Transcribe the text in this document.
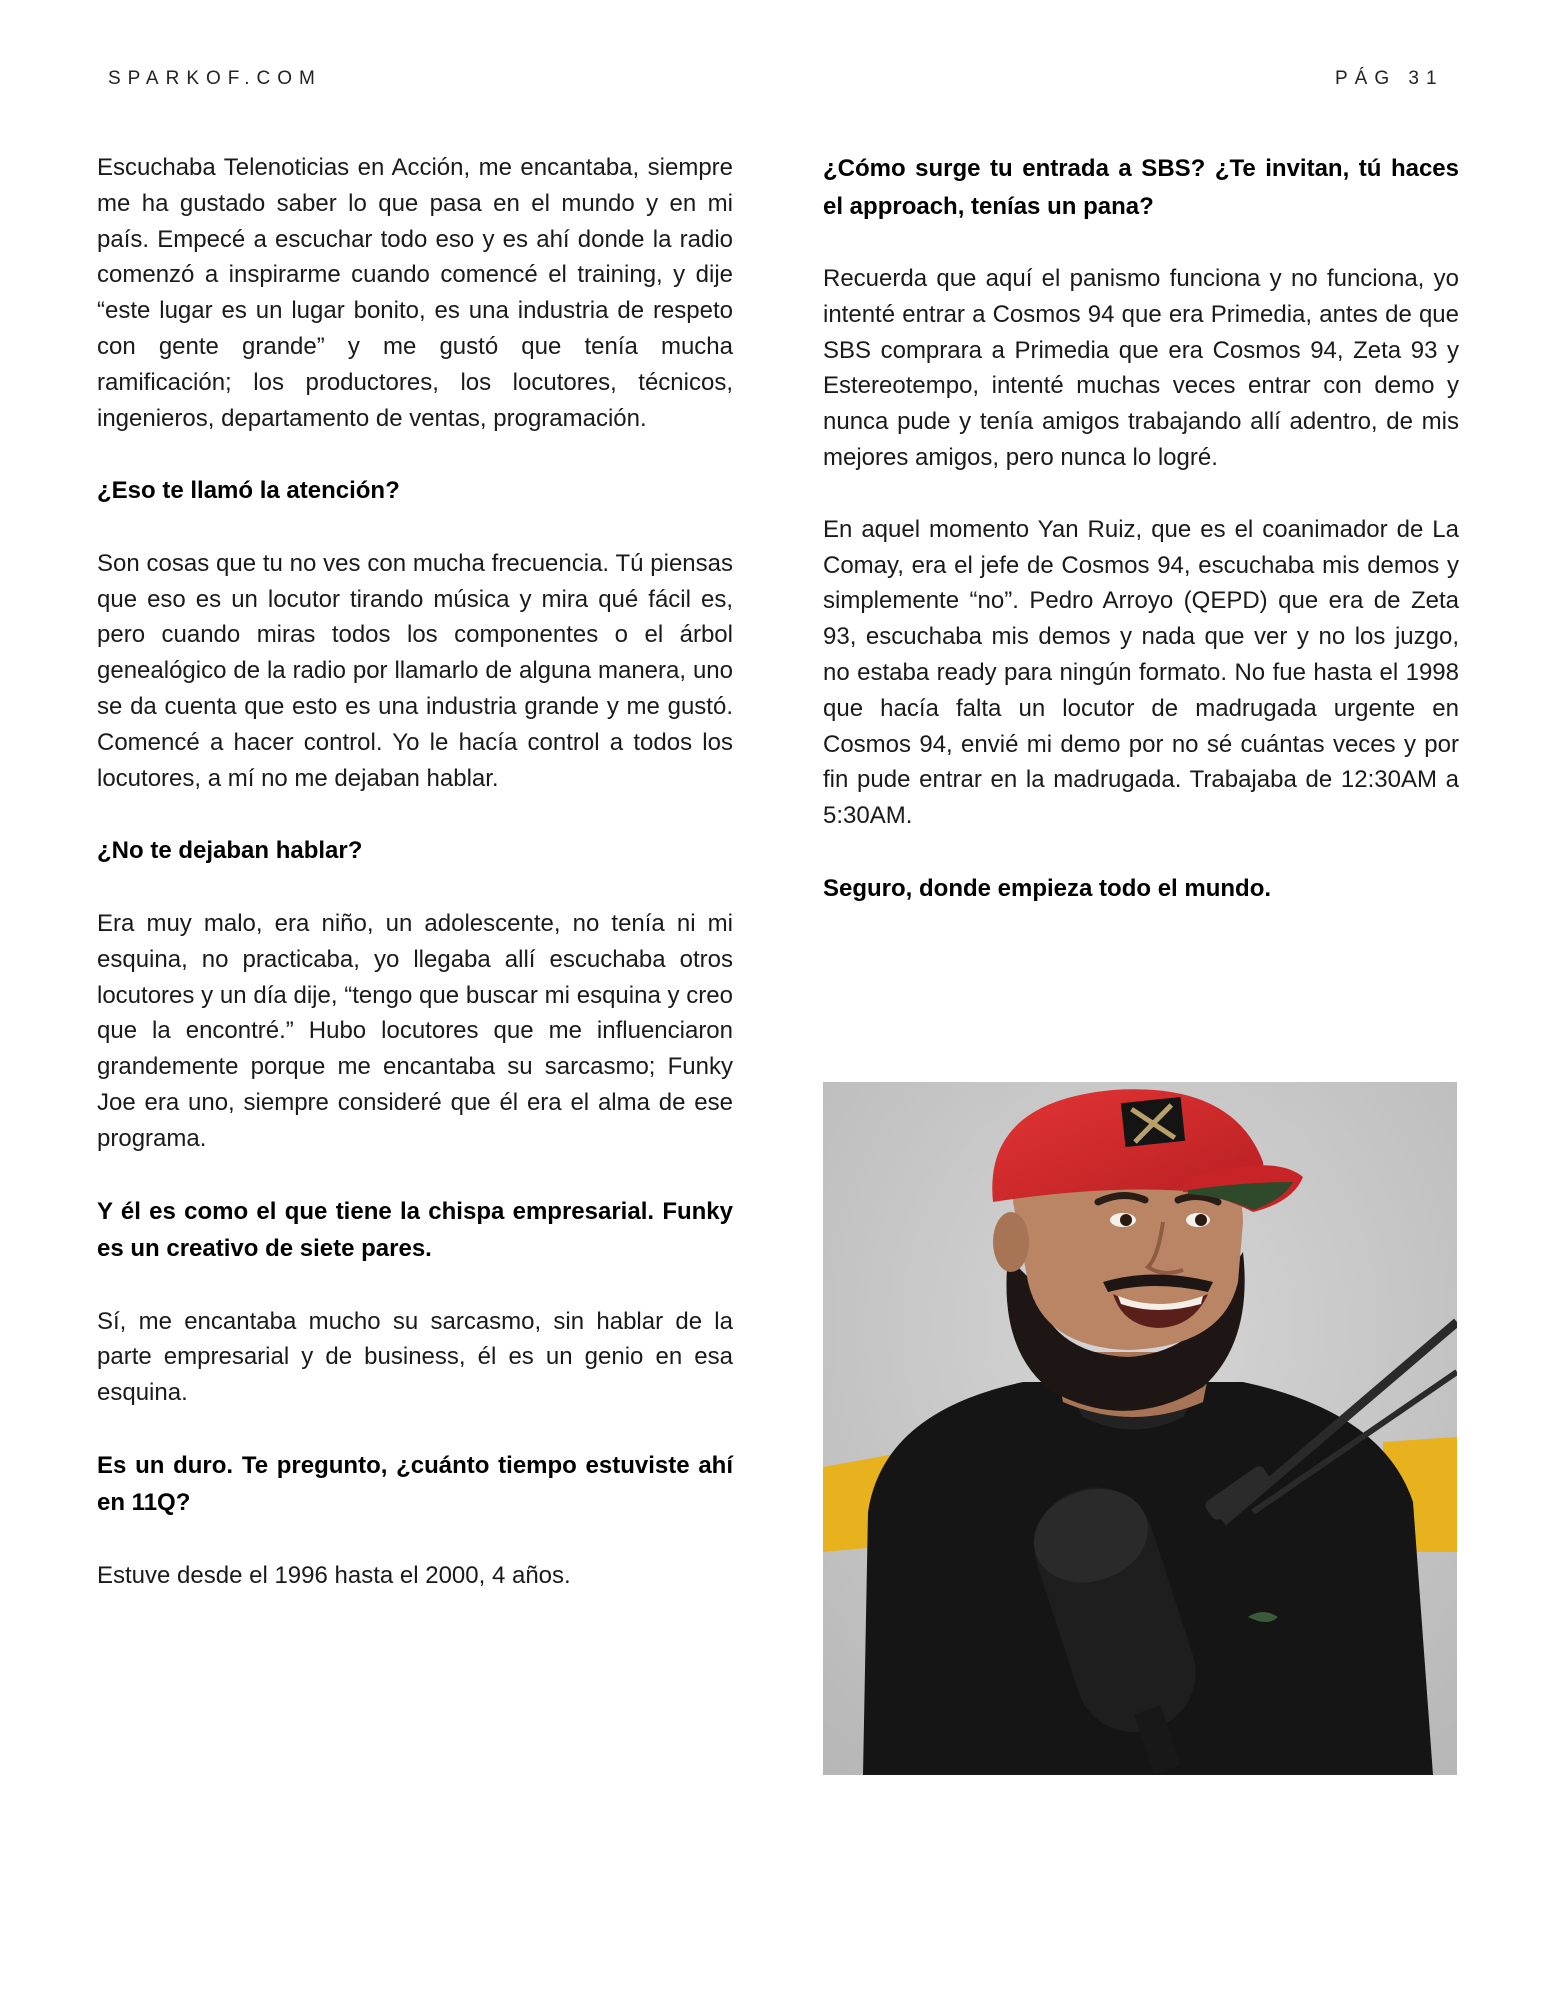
SPARKOF.COM	PÁG 31

Escuchaba Telenoticias en Acción, me encantaba, siempre me ha gustado saber lo que pasa en el mundo y en mi país. Empecé a escuchar todo eso y es ahí donde la radio comenzó a inspirarme cuando comencé el training, y dije “este lugar es un lugar bonito, es una industria de respeto con gente grande” y me gustó que tenía mucha ramificación; los productores, los locutores, técnicos, ingenieros, departamento de ventas, programación.

¿Eso te llamó la atención?

Son cosas que tu no ves con mucha frecuencia. Tú piensas que eso es un locutor tirando música y mira qué fácil es, pero cuando miras todos los componentes o el árbol genealógico de la radio por llamarlo de alguna manera, uno se da cuenta que esto es una industria grande y me gustó. Comencé a hacer control. Yo le hacía control a todos los locutores, a mí no me dejaban hablar.

¿No te dejaban hablar?

Era muy malo, era niño, un adolescente, no tenía ni mi esquina, no practicaba, yo llegaba allí escuchaba otros locutores y un día dije, “tengo que buscar mi esquina y creo que la encontré.” Hubo locutores que me influenciaron grandemente porque me encantaba su sarcasmo; Funky Joe era uno, siempre consideré que él era el alma de ese programa.

Y él es como el que tiene la chispa empresarial. Funky es un creativo de siete pares.

Sí, me encantaba mucho su sarcasmo, sin hablar de la parte empresarial y de business, él es un genio en esa esquina.

Es un duro. Te pregunto, ¿cuánto tiempo estuviste ahí en 11Q?

Estuve desde el 1996 hasta el 2000, 4 años.

¿Cómo surge tu entrada a SBS? ¿Te invitan, tú haces el approach, tenías un pana?

Recuerda que aquí el panismo funciona y no funciona, yo intenté entrar a Cosmos 94 que era Primedia, antes de que SBS comprara a Primedia que era Cosmos 94, Zeta 93 y Estereotempo, intenté muchas veces entrar con demo y nunca pude y tenía amigos trabajando allí adentro, de mis mejores amigos, pero nunca lo logré.

En aquel momento Yan Ruiz, que es el coanimador de La Comay, era el jefe de Cosmos 94, escuchaba mis demos y simplemente “no”. Pedro Arroyo (QEPD) que era de Zeta 93, escuchaba mis demos y nada que ver y no los juzgo, no estaba ready para ningún formato. No fue hasta el 1998 que hacía falta un locutor de madrugada urgente en Cosmos 94, envié mi demo por no sé cuántas veces y por fin pude entrar en la madrugada. Trabajaba de 12:30AM a 5:30AM.

Seguro, donde empieza todo el mundo.
